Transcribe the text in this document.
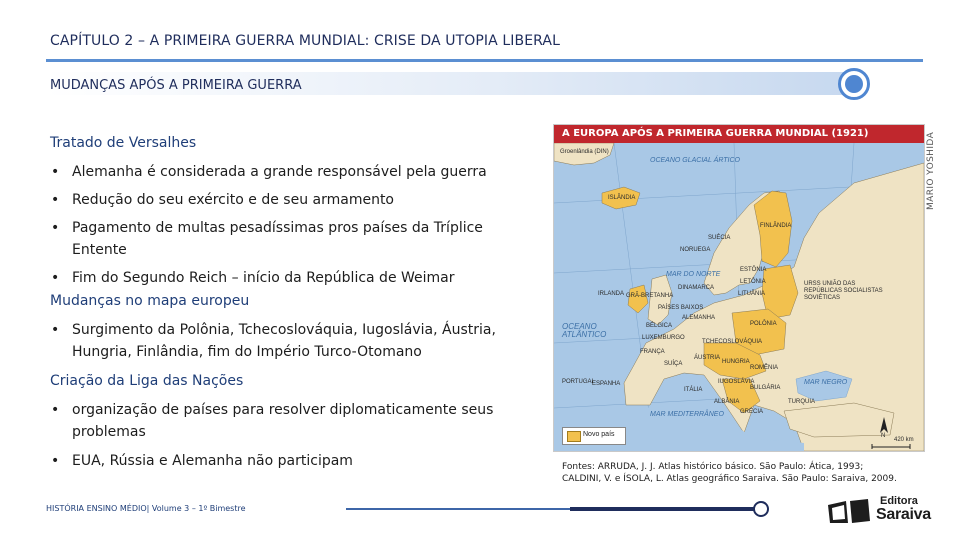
CAPÍTULO 2 – A PRIMEIRA GUERRA MUNDIAL: CRISE DA UTOPIA LIBERAL
MUDANÇAS APÓS A PRIMEIRA GUERRA

Tratado de Versalhes

• Alemanha é considerada a grande responsável pela guerra

• Redução do seu exército e de seu armamento

• Pagamento de multas pesadíssimas pros países da Tríplice Entente

• Fim do Segundo Reich – início da República de Weimar

Mudanças no mapa europeu

• Surgimento da Polônia, Tchecoslováquia, Iugoslávia, Áustria, Hungria, Finlândia, fim do Império Turco-Otomano

Criação da Liga das Nações

• organização de países para resolver diplomaticamente seus problemas

• EUA, Rússia e Alemanha não participam

A EUROPA APÓS A PRIMEIRA GUERRA MUNDIAL (1921)
Groenlândia (DIN)
OCEANO GLACIAL ÁRTICO
ISLÂNDIA
SUÉCIA
FINLÂNDIA
NORUEGA
MAR DO NORTE
ESTÔNIA
LETÔNIA
LITUÂNIA
IRLANDA GRÃ-BRETANHA
DINAMARCA
URSS UNIÃO DAS REPÚBLICAS SOCIALISTAS SOVIÉTICAS
OCEANO ATLÂNTICO
PAÍSES BAIXOS
BÉLGICA
ALEMANHA
POLÔNIA
LUXEMBURGO
TCHECOSLOVÁQUIA
FRANÇA
SUÍÇA
ÁUSTRIA
HUNGRIA
ROMÊNIA
IUGOSLÁVIA	MAR NEGRO
PORTUGAL
ESPANHA
ITÁLIA	BULGÁRIA
ALBÂNIA
GRÉCIA
TURQUIA
MAR MEDITERRÂNEO
N
420 km
Novo país
MARIO YOSHIDA
Fontes: ARRUDA, J. J. Atlas histórico básico. São Paulo: Ática, 1993;
CALDINI, V. e ÍSOLA, L. Atlas geográfico Saraiva. São Paulo: Saraiva, 2009.
HISTÓRIA ENSINO MÉDIO| Volume 3 – 1º Bimestre
Editora
Saraiva
